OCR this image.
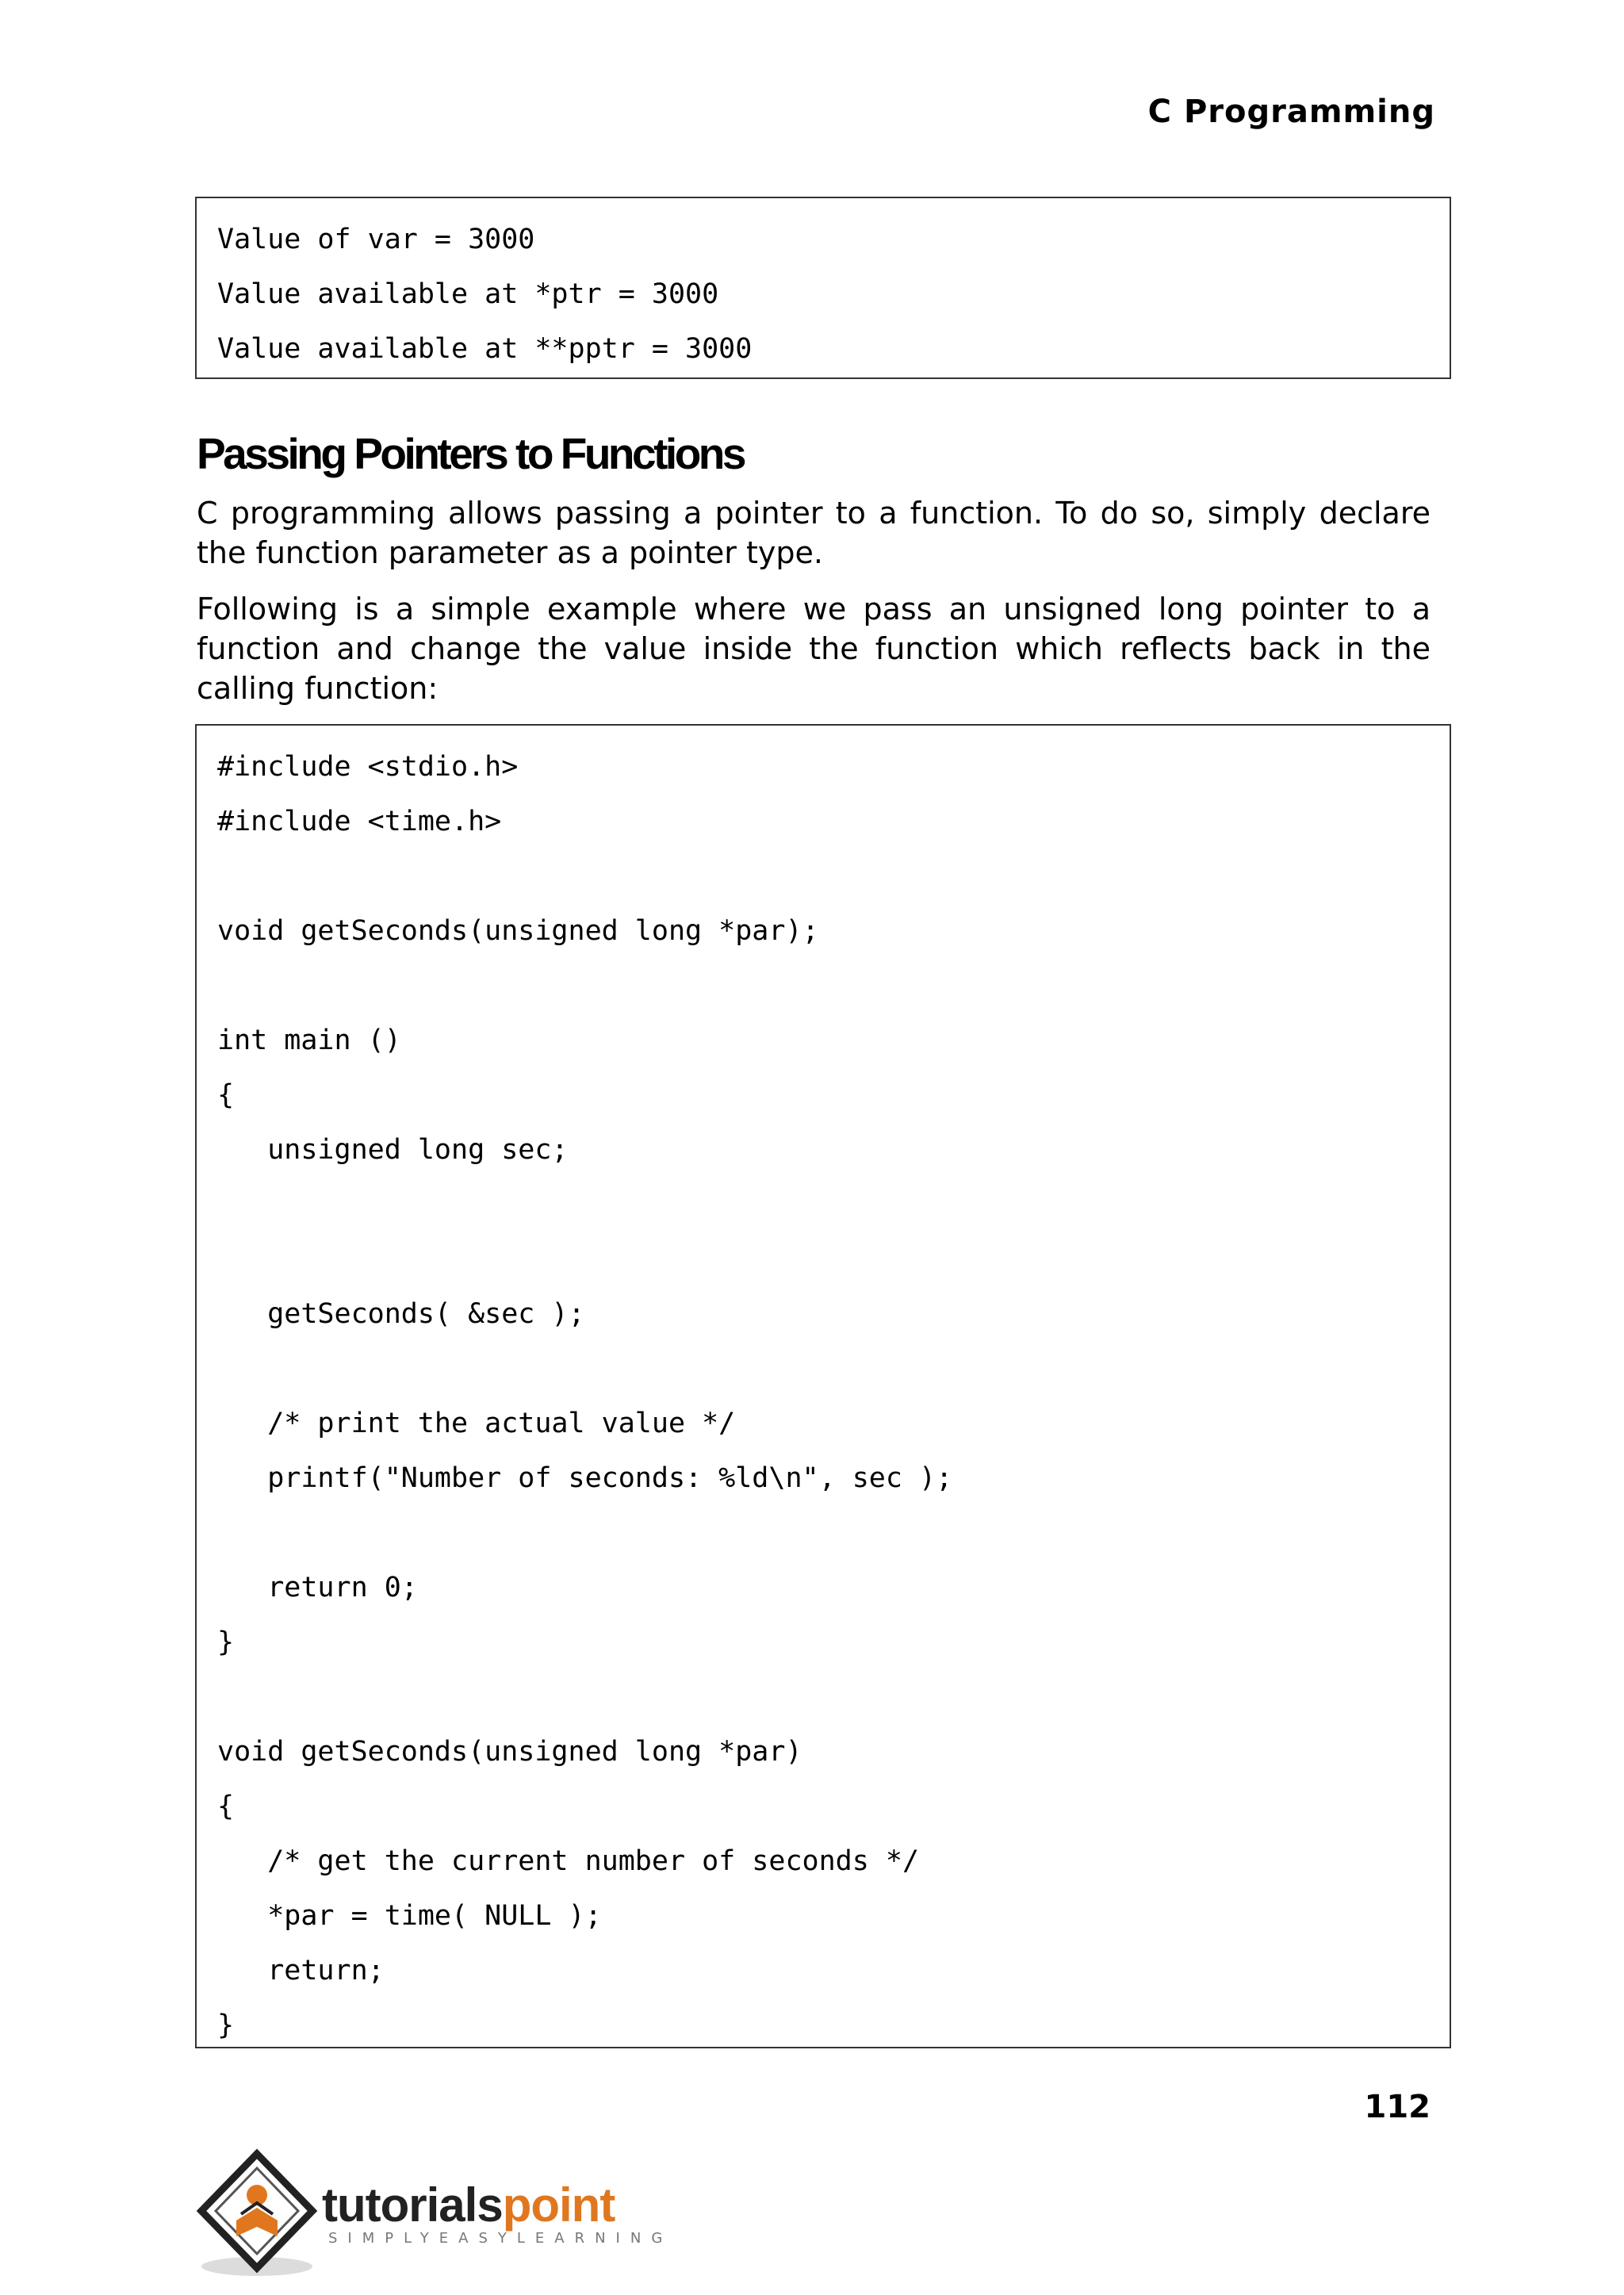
C Programming
Value of var = 3000
Value available at *ptr = 3000
Value available at **pptr = 3000
Passing Pointers to Functions

C programming allows passing a pointer to a function. To do so, simply declare the function parameter as a pointer type.

Following is a simple example where we pass an unsigned long pointer to a function and change the value inside the function which reflects back in the calling function:

#include <stdio.h>
#include <time.h>
void getSeconds(unsigned long *par);
int main ()
{
unsigned long sec;
getSeconds( &sec );
/* print the actual value */
printf("Number of seconds: %ld\n", sec );
return 0;
}
void getSeconds(unsigned long *par)
{
/* get the current number of seconds */
*par = time( NULL );
return;
}
112
tutorialspoint
SIMPLYEASYLEARNING
